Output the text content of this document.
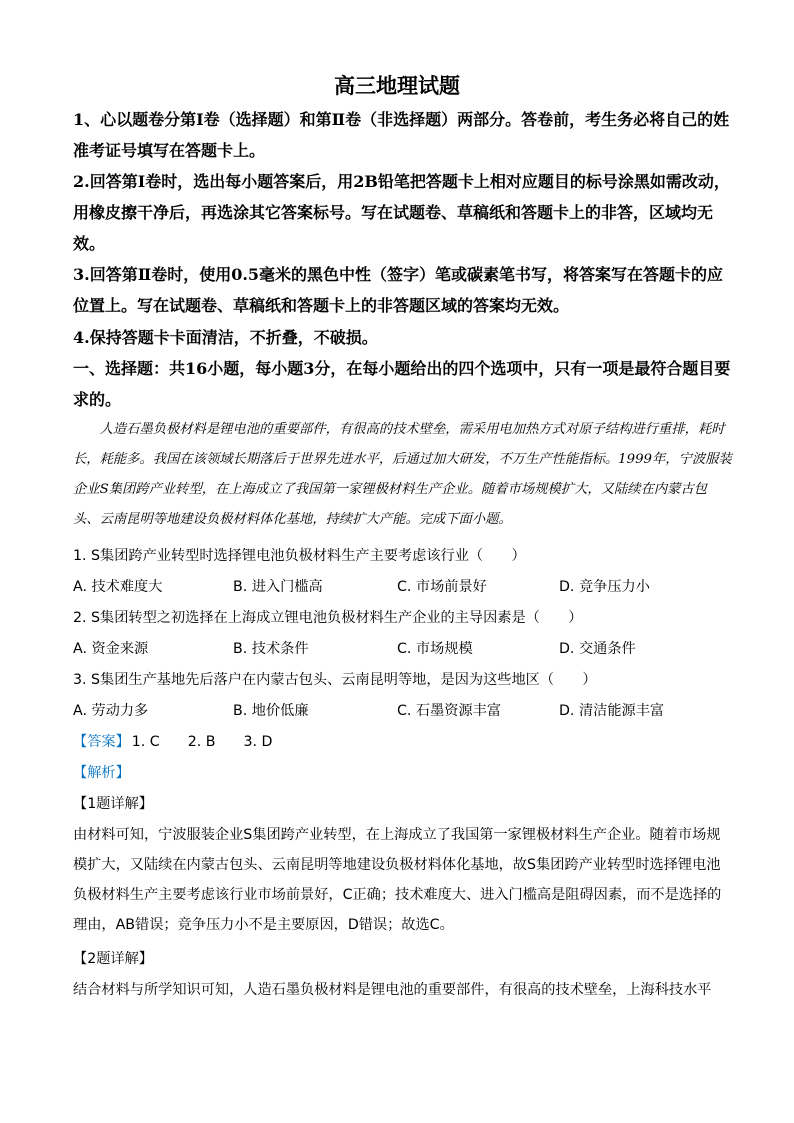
高三地理试题
1、心以题卷分第Ⅰ卷（选择题）和第Ⅱ卷（非选择题）两部分。答卷前，考生务必将自己的姓准考证号填写在答题卡上。
2.回答第Ⅰ卷时，选出每小题答案后，用2B铅笔把答题卡上相对应题目的标号涂黑如需改动，用橡皮擦干净后，再选涂其它答案标号。写在试题卷、草稿纸和答题卡上的非答，区域均无效。
3.回答第Ⅱ卷时，使用0.5毫米的黑色中性（签字）笔或碳素笔书写，将答案写在答题卡的应位置上。写在试题卷、草稿纸和答题卡上的非答题区域的答案均无效。
4.保持答题卡卡面清洁，不折叠，不破损。
一、选择题：共16小题，每小题3分，在每小题给出的四个选项中，只有一项是最符合题目要求的。
人造石墨负极材料是锂电池的重要部件，有很高的技术壁垒，需采用电加热方式对原子结构进行重排，耗时长，耗能多。我国在该领域长期落后于世界先进水平，后通过加大研发，不万生产性能指标。1999年，宁波服装企业S集团跨产业转型，在上海成立了我国第一家锂极材料生产企业。随着市场规模扩大，又陆续在内蒙古包头、云南昆明等地建设负极材料体化基地，持续扩大产能。完成下面小题。
1. S集团跨产业转型时选择锂电池负极材料生产主要考虑该行业（　　）
A. 技术难度大	B. 进入门槛高	C. 市场前景好	D. 竞争压力小
2. S集团转型之初选择在上海成立锂电池负极材料生产企业的主导因素是（　　）
A. 资金来源	B. 技术条件	C. 市场规模	D. 交通条件
3. S集团生产基地先后落户在内蒙古包头、云南昆明等地，是因为这些地区（　　）
A. 劳动力多	B. 地价低廉	C. 石墨资源丰富	D. 清洁能源丰富
【答案】 1. C 2. B 3. D
【解析】
【1题详解】
由材料可知，宁波服装企业S集团跨产业转型，在上海成立了我国第一家锂极材料生产企业。随着市场规模扩大，又陆续在内蒙古包头、云南昆明等地建设负极材料体化基地，故S集团跨产业转型时选择锂电池负极材料生产主要考虑该行业市场前景好，C正确；技术难度大、进入门槛高是阻碍因素，而不是选择的理由，AB错误；竞争压力小不是主要原因，D错误；故选C。
【2题详解】
结合材料与所学知识可知，人造石墨负极材料是锂电池的重要部件，有很高的技术壁垒，上海科技水平
